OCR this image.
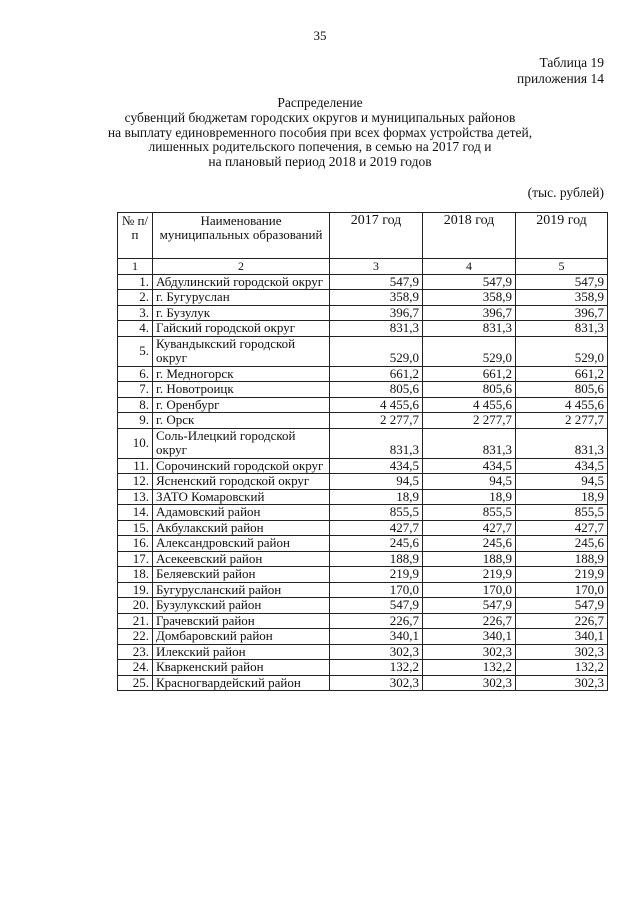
35
Таблица 19
приложения 14
Распределение
субвенций бюджетам городских округов и муниципальных районов
на выплату единовременного пособия при всех формах устройства детей,
лишенных родительского попечения, в семью на 2017 год и
на плановый период 2018 и 2019 годов
(тыс. рублей)
№ п/п	Наименование муниципальных образований	2017 год	2018 год	2019 год
1	2	3	4	5
1.	Абдулинский городской округ	547,9	547,9	547,9
2.	г. Бугуруслан	358,9	358,9	358,9
3.	г. Бузулук	396,7	396,7	396,7
4.	Гайский городской округ	831,3	831,3	831,3
5.	Кувандыкский городской округ	529,0	529,0	529,0
6.	г. Медногорск	661,2	661,2	661,2
7.	г. Новотроицк	805,6	805,6	805,6
8.	г. Оренбург	4 455,6	4 455,6	4 455,6
9.	г. Орск	2 277,7	2 277,7	2 277,7
10.	Соль-Илецкий городской округ	831,3	831,3	831,3
11.	Сорочинский городской округ	434,5	434,5	434,5
12.	Ясненский городской округ	94,5	94,5	94,5
13.	ЗАТО Комаровский	18,9	18,9	18,9
14.	Адамовский район	855,5	855,5	855,5
15.	Акбулакский район	427,7	427,7	427,7
16.	Александровский район	245,6	245,6	245,6
17.	Асекеевский район	188,9	188,9	188,9
18.	Беляевский район	219,9	219,9	219,9
19.	Бугурусланский район	170,0	170,0	170,0
20.	Бузулукский район	547,9	547,9	547,9
21.	Грачевский район	226,7	226,7	226,7
22.	Домбаровский район	340,1	340,1	340,1
23.	Илекский район	302,3	302,3	302,3
24.	Кваркенский район	132,2	132,2	132,2
25.	Красногвардейский район	302,3	302,3	302,3
